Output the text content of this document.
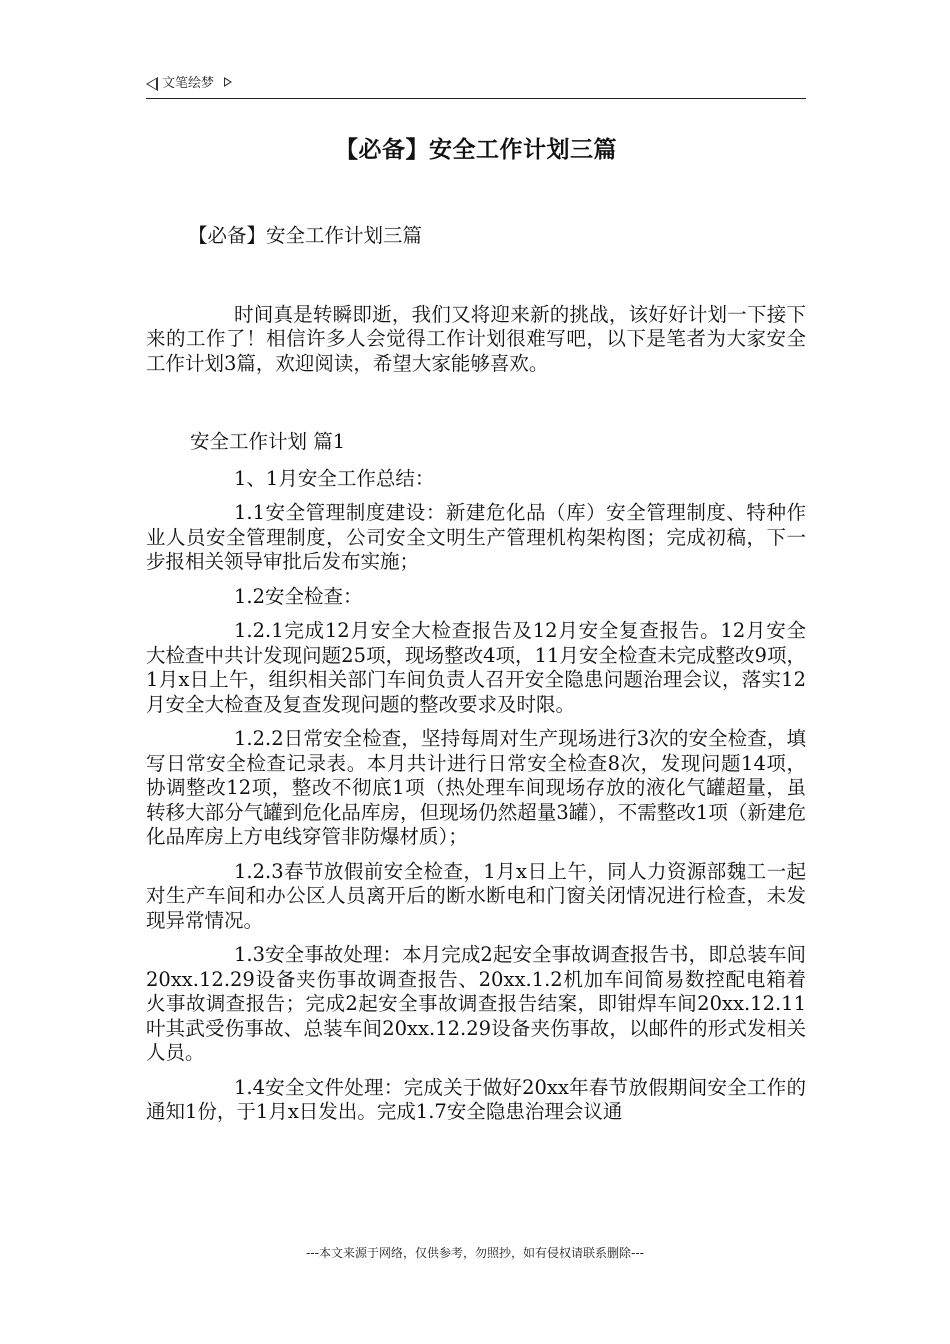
文笔绘梦
【必备】安全工作计划三篇

【必备】安全工作计划三篇

时间真是转瞬即逝，我们又将迎来新的挑战，该好好计划一下接下来的工作了！相信许多人会觉得工作计划很难写吧，以下是笔者为大家安全工作计划3篇，欢迎阅读，希望大家能够喜欢。

安全工作计划 篇1

1、1月安全工作总结：

1.1安全管理制度建设：新建危化品（库）安全管理制度、特种作业人员安全管理制度，公司安全文明生产管理机构架构图；完成初稿，下一步报相关领导审批后发布实施；

1.2安全检查：

1.2.1完成12月安全大检查报告及12月安全复查报告。12月安全大检查中共计发现问题25项，现场整改4项，11月安全检查未完成整改9项，1月x日上午，组织相关部门车间负责人召开安全隐患问题治理会议，落实12月安全大检查及复查发现问题的整改要求及时限。

1.2.2日常安全检查，坚持每周对生产现场进行3次的安全检查，填写日常安全检查记录表。本月共计进行日常安全检查8次，发现问题14项，协调整改12项，整改不彻底1项（热处理车间现场存放的液化气罐超量，虽转移大部分气罐到危化品库房，但现场仍然超量3罐），不需整改1项（新建危化品库房上方电线穿管非防爆材质）；

1.2.3春节放假前安全检查，1月x日上午，同人力资源部魏工一起对生产车间和办公区人员离开后的断水断电和门窗关闭情况进行检查，未发现异常情况。

1.3安全事故处理：本月完成2起安全事故调查报告书，即总装车间20xx.12.29设备夹伤事故调查报告、20xx.1.2机加车间简易数控配电箱着火事故调查报告；完成2起安全事故调查报告结案，即钳焊车间20xx.12.11叶其武受伤事故、总装车间20xx.12.29设备夹伤事故，以邮件的形式发相关人员。

1.4安全文件处理：完成关于做好20xx年春节放假期间安全工作的通知1份，于1月x日发出。完成1.7安全隐患治理会议通

---本文来源于网络，仅供参考，勿照抄，如有侵权请联系删除---
